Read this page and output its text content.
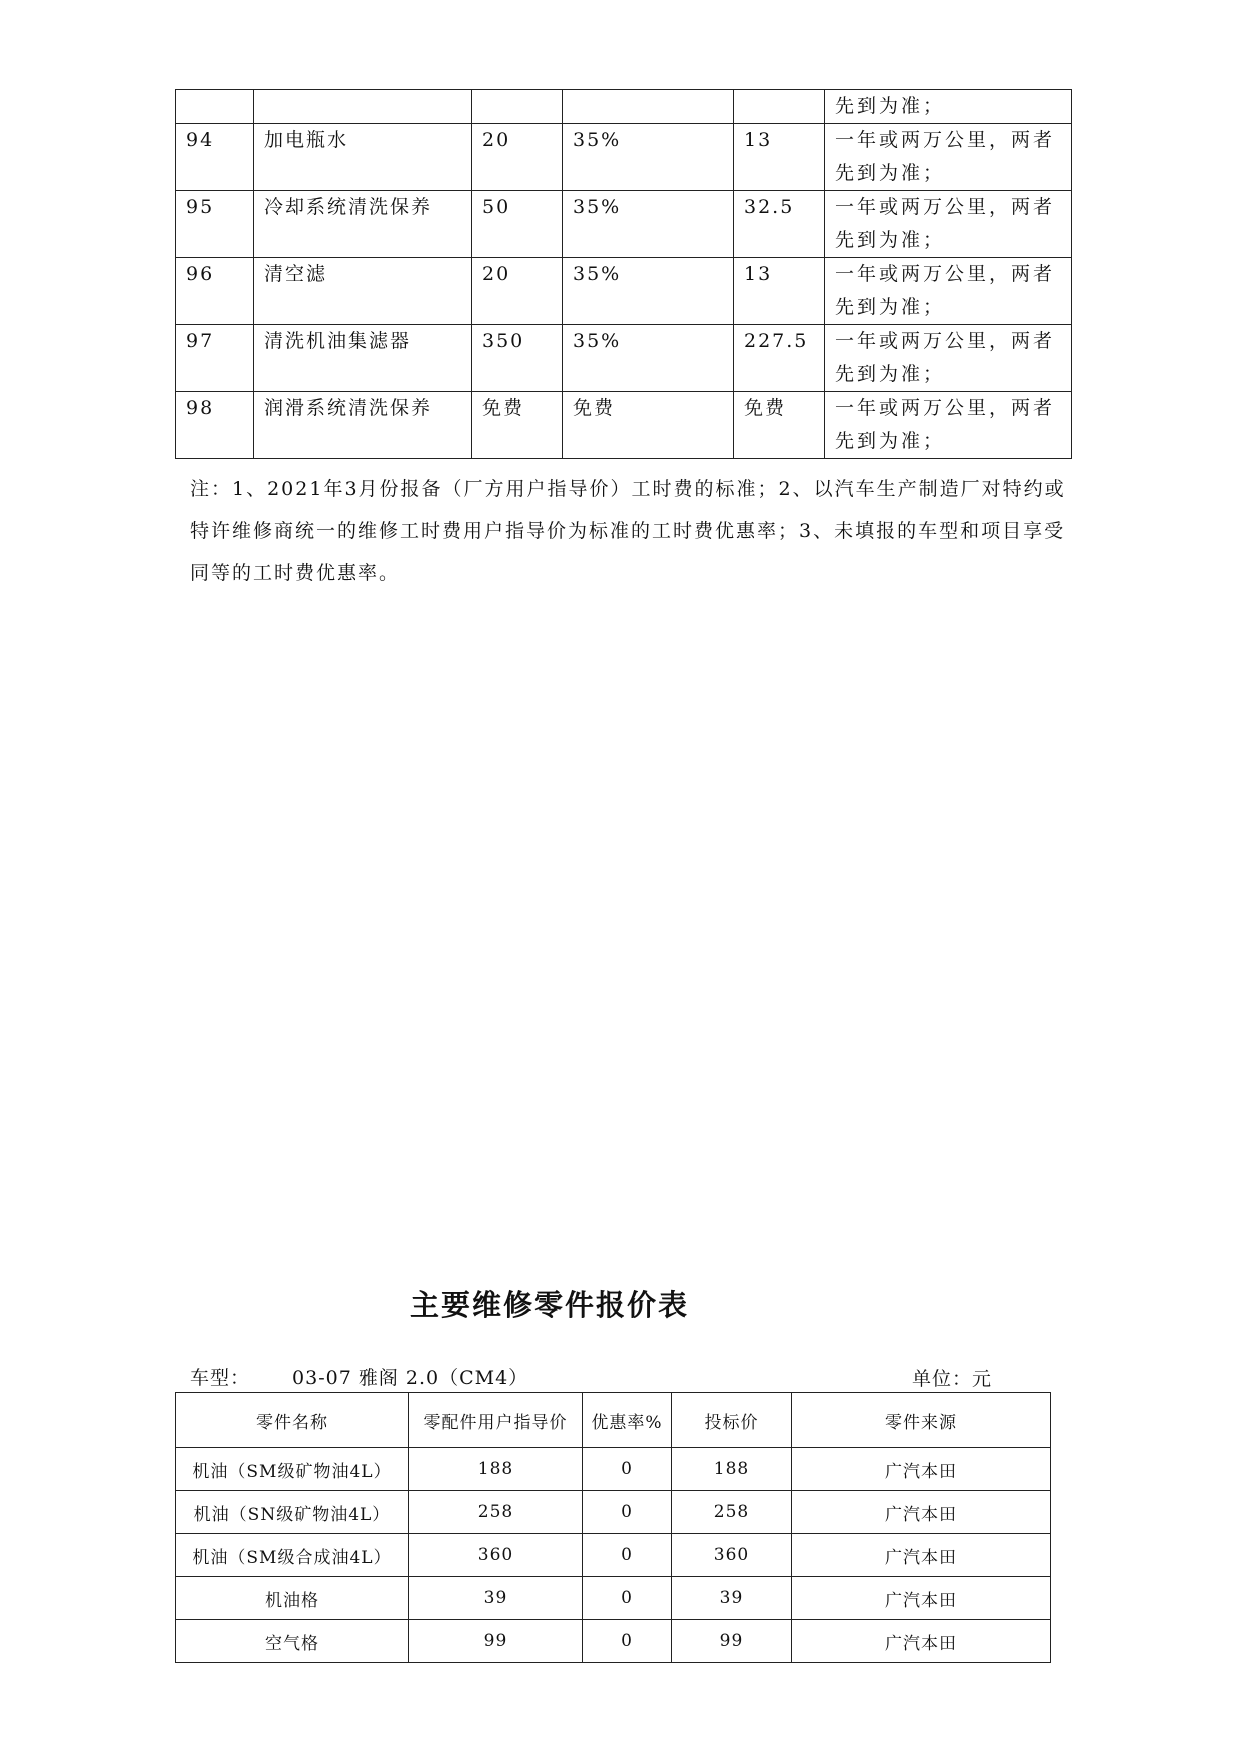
					先到为准；
94	加电瓶水	20	35%	13	一年或两万公里，两者先到为准；
95	冷却系统清洗保养	50	35%	32.5	一年或两万公里，两者先到为准；
96	清空滤	20	35%	13	一年或两万公里，两者先到为准；
97	清洗机油集滤器	350	35%	227.5	一年或两万公里，两者先到为准；
98	润滑系统清洗保养	免费	免费	免费	一年或两万公里，两者先到为准；

注：1、2021年3月份报备（厂方用户指导价）工时费的标准；2、以汽车生产制造厂对特约或特许维修商统一的维修工时费用户指导价为标准的工时费优惠率；3、未填报的车型和项目享受同等的工时费优惠率。

主要维修零件报价表
车型： 03-07 雅阁 2.0（CM4）	单位：元
零件名称	零配件用户指导价	优惠率%	投标价	零件来源
机油（SM级矿物油4L）	188	0	188	广汽本田
机油（SN级矿物油4L）	258	0	258	广汽本田
机油（SM级合成油4L）	360	0	360	广汽本田
机油格	39	0	39	广汽本田
空气格	99	0	99	广汽本田
